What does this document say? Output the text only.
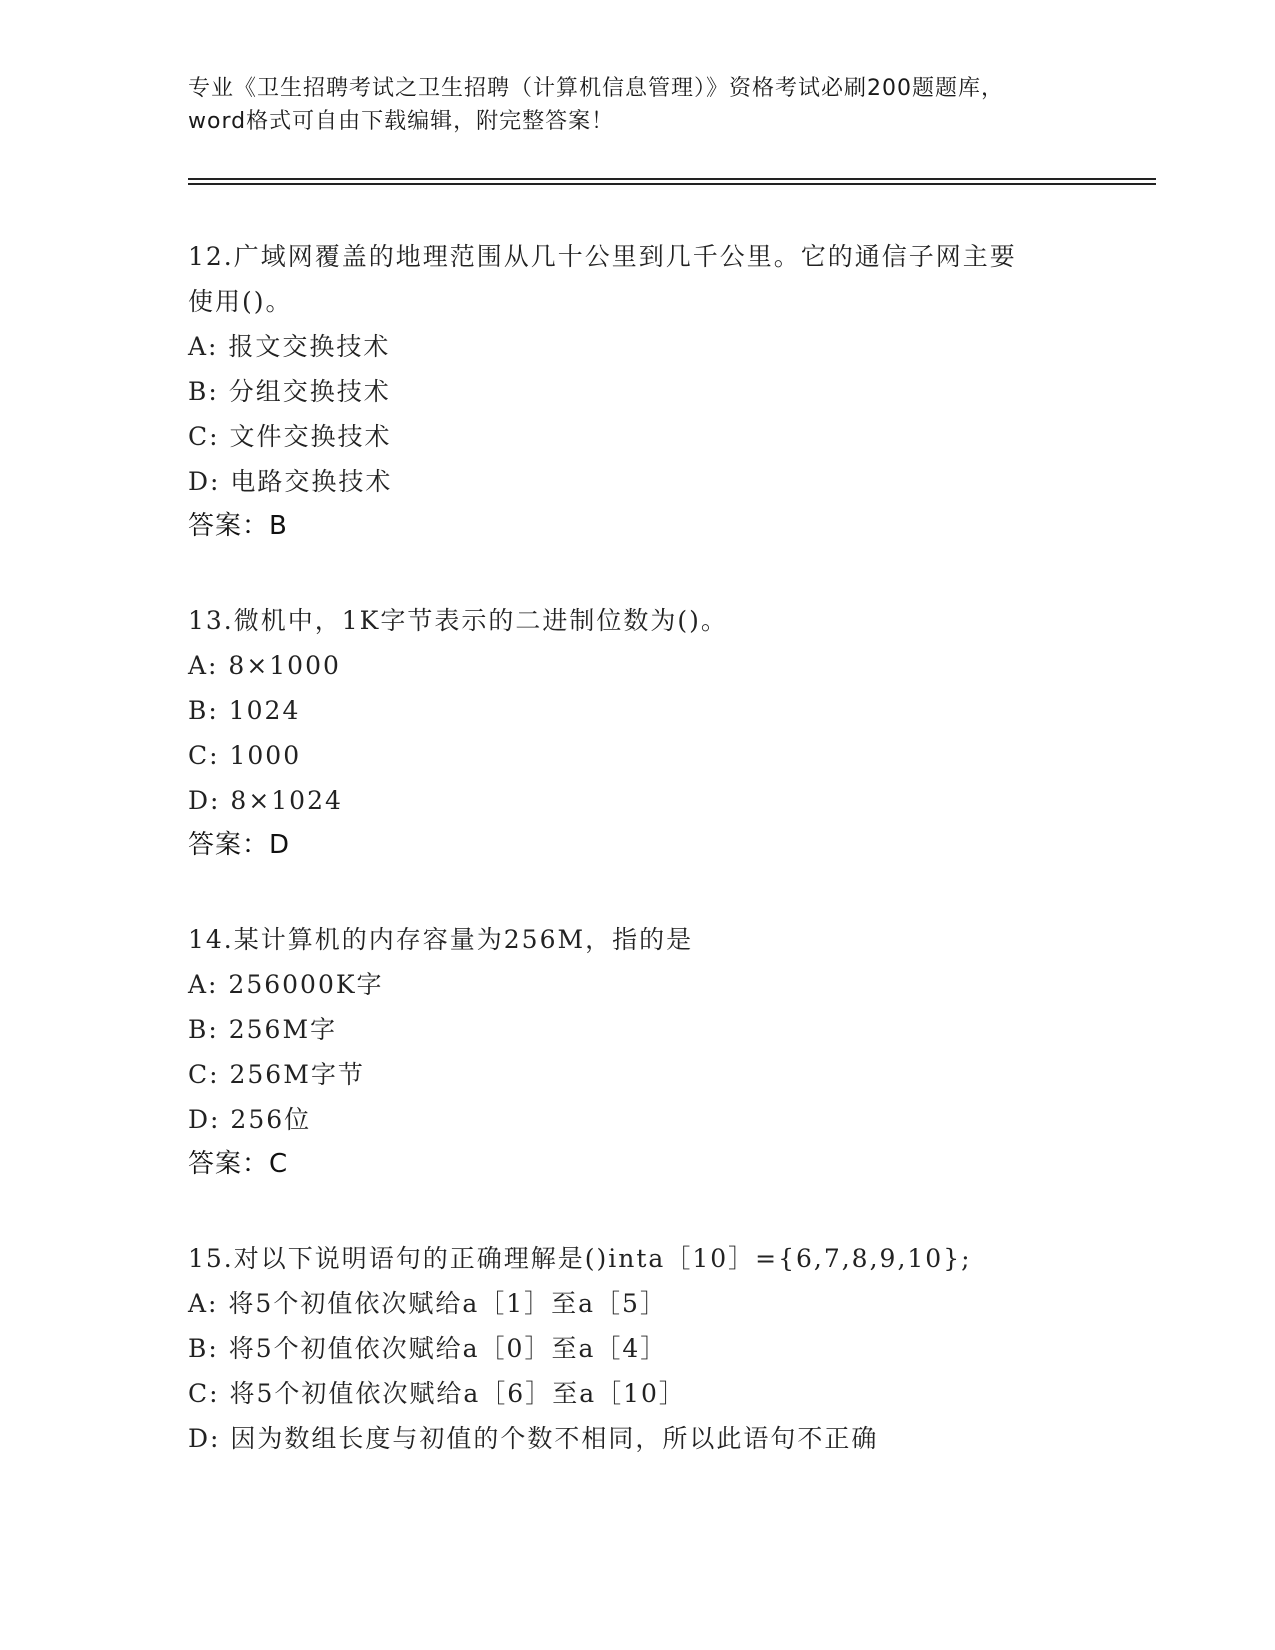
专业《卫生招聘考试之卫生招聘（计算机信息管理）》资格考试必刷200题题库，
word格式可自由下载编辑，附完整答案！
12.广域网覆盖的地理范围从几十公里到几千公里。它的通信子网主要
使用()。
A: 报文交换技术
B: 分组交换技术
C: 文件交换技术
D: 电路交换技术
答案：B
13.微机中，1K字节表示的二进制位数为()。
A: 8×1000
B: 1024
C: 1000
D: 8×1024
答案：D
14.某计算机的内存容量为256M，指的是
A: 256000K字
B: 256M字
C: 256M字节
D: 256位
答案：C
15.对以下说明语句的正确理解是()inta［10］={6,7,8,9,10};
A: 将5个初值依次赋给a［1］至a［5］
B: 将5个初值依次赋给a［0］至a［4］
C: 将5个初值依次赋给a［6］至a［10］
D: 因为数组长度与初值的个数不相同，所以此语句不正确
